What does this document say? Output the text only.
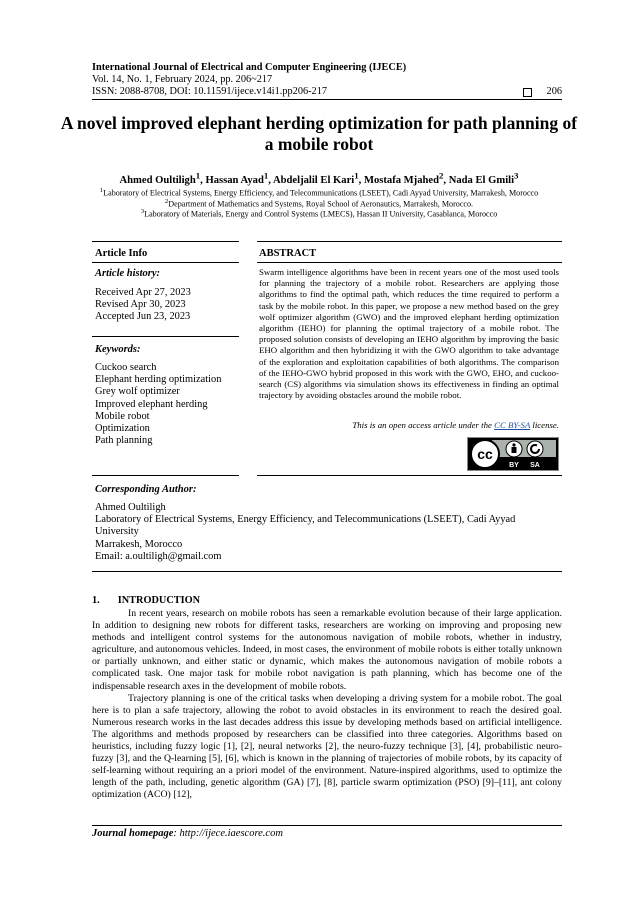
International Journal of Electrical and Computer Engineering (IJECE)
Vol. 14, No. 1, February 2024, pp. 206~217
ISSN: 2088-8708, DOI: 10.11591/ijece.v14i1.pp206-217	206
A novel improved elephant herding optimization for path planning of a mobile robot
Ahmed Oultiligh$^1$, Hassan Ayad$^1$, Abdeljalil El Kari$^1$, Mostafa Mjahed$^2$, Nada El Gmili$^3$
$^1$Laboratory of Electrical Systems, Energy Efficiency, and Telecommunications (LSEET), Cadi Ayyad University, Marrakesh, Morocco
$^2$Department of Mathematics and Systems, Royal School of Aeronautics, Marrakesh, Morocco.
$^3$Laboratory of Materials, Energy and Control Systems (LMECS), Hassan II University, Casablanca, Morocco
Article Info	ABSTRACT
Article history:
Received Apr 27, 2023
Revised Apr 30, 2023
Accepted Jun 23, 2023
Keywords:
Cuckoo search
Elephant herding optimization
Grey wolf optimizer
Improved elephant herding
Mobile robot
Optimization
Path planning
Swarm intelligence algorithms have been in recent years one of the most used tools for planning the trajectory of a mobile robot. Researchers are applying those algorithms to find the optimal path, which reduces the time required to perform a task by the mobile robot. In this paper, we propose a new method based on the grey wolf optimizer algorithm (GWO) and the improved elephant herding optimization algorithm (IEHO) for planning the optimal trajectory of a mobile robot. The proposed solution consists of developing an IEHO algorithm by improving the basic EHO algorithm and then hybridizing it with the GWO algorithm to take advantage of the exploration and exploitation capabilities of both algorithms. The comparison of the IEHO-GWO hybrid proposed in this work with the GWO, EHO, and cuckoo-search (CS) algorithms via simulation shows its effectiveness in finding an optimal trajectory by avoiding obstacles around the mobile robot.
This is an open access article under the CC BY-SA license.
cc
BY SA
Corresponding Author:
Ahmed Oultiligh
Laboratory of Electrical Systems, Energy Efficiency, and Telecommunications (LSEET), Cadi Ayyad
University
Marrakesh, Morocco
Email: a.oultiligh@gmail.com
1. INTRODUCTION

In recent years, research on mobile robots has seen a remarkable evolution because of their large application. In addition to designing new robots for different tasks, researchers are working on improving and proposing new methods and intelligent control systems for the autonomous navigation of mobile robots, whether in industry, agriculture, and autonomous vehicles. Indeed, in most cases, the environment of mobile robots is either totally unknown or partially unknown, and either static or dynamic, which makes the autonomous navigation of mobile robots a complicated task. One major task for mobile robot navigation is path planning, which has become one of the indispensable research axes in the development of mobile robots.

Trajectory planning is one of the critical tasks when developing a driving system for a mobile robot. The goal here is to plan a safe trajectory, allowing the robot to avoid obstacles in its environment to reach the desired goal. Numerous research works in the last decades address this issue by developing methods based on artificial intelligence. The algorithms and methods proposed by researchers can be classified into three categories. Algorithms based on heuristics, including fuzzy logic [1], [2], neural networks [2], the neuro-fuzzy technique [3], [4], probabilistic neuro-fuzzy [3], and the Q-learning [5], [6], which is known in the planning of trajectories of mobile robots, by its capacity of self-learning without requiring an a priori model of the environment. Nature-inspired algorithms, used to optimize the length of the path, including, genetic algorithm (GA) [7], [8], particle swarm optimization (PSO) [9]–[11], ant colony optimization (ACO) [12],

Journal homepage: http://ijece.iaescore.com
